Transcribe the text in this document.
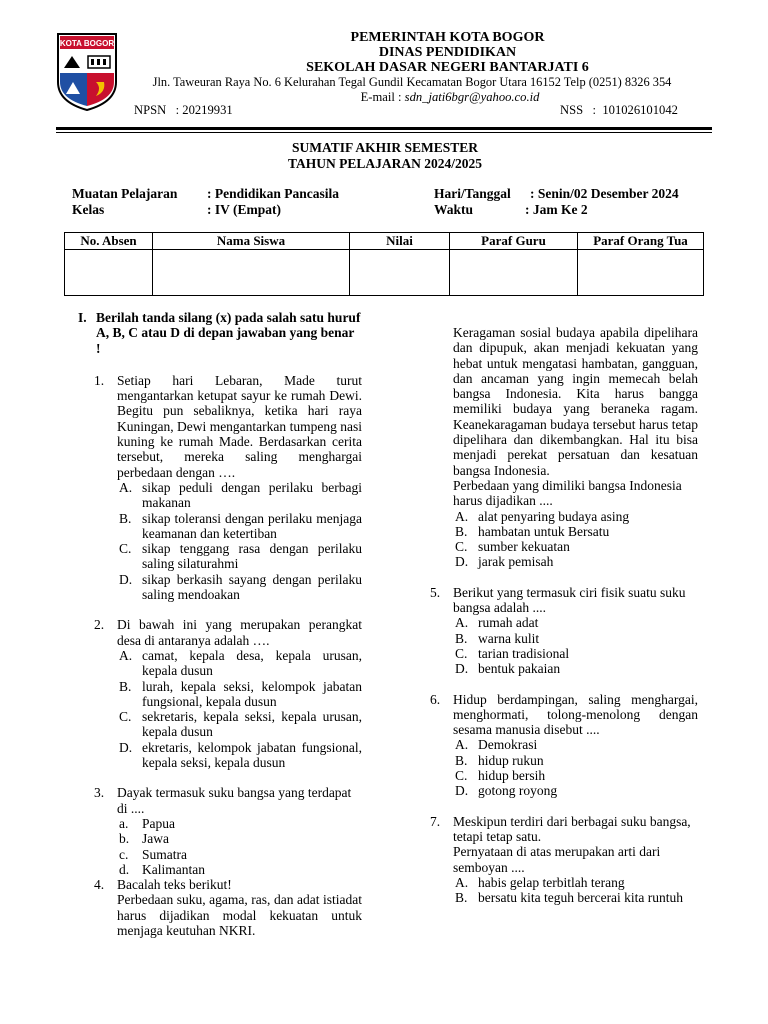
KOTA BOGOR	PEMERINTAH KOTA BOGOR
DINAS PENDIDIKAN
SEKOLAH DASAR NEGERI BANTARJATI 6
Jln. Taweuran Raya No. 6 Kelurahan Tegal Gundil Kecamatan Bogor Utara 16152 Telp (0251) 8326 354
E-mail : sdn_jati6bgr@yahoo.co.id
NPSN   : 20219931	NSS   :  101026101042
SUMATIF AKHIR SEMESTER
TAHUN PELAJARAN 2024/2025
Muatan Pelajaran : Pendidikan Pancasila
Kelas	: IV (Empat)
Hari/Tanggal : Senin/02 Desember 2024
Waktu	: Jam Ke 2
No. Absen	Nama Siswa	Nilai	Paraf Guru	Paraf Orang Tua

I. Berilah tanda silang (x) pada salah satu huruf A, B, C atau D di depan jawaban yang benar !
1. Setiap hari Lebaran, Made turut mengantarkan ketupat sayur ke rumah Dewi. Begitu pun sebaliknya, ketika hari raya Kuningan, Dewi mengantarkan tumpeng nasi kuning ke rumah Made. Berdasarkan cerita tersebut, mereka saling menghargai perbedaan dengan ….
A. sikap peduli dengan perilaku berbagi makanan
B. sikap toleransi dengan perilaku menjaga keamanan dan ketertiban
C. sikap tenggang rasa dengan perilaku saling silaturahmi
D. sikap berkasih sayang dengan perilaku saling mendoakan
2. Di bawah ini yang merupakan perangkat desa di antaranya adalah ….
A. camat, kepala desa, kepala urusan, kepala dusun
B. lurah, kepala seksi, kelompok jabatan fungsional, kepala dusun
C. sekretaris, kepala seksi, kepala urusan, kepala dusun
D. ekretaris, kelompok jabatan fungsional, kepala seksi, kepala dusun
3. Dayak termasuk suku bangsa yang terdapat di ....
a. Papua
b. Jawa
c. Sumatra
d. Kalimantan
4. Bacalah teks berikut!
Perbedaan suku, agama, ras, dan adat istiadat harus dijadikan modal kekuatan untuk menjaga keutuhan NKRI.
Keragaman sosial budaya apabila dipelihara dan dipupuk, akan menjadi kekuatan yang hebat untuk mengatasi hambatan, gangguan, dan ancaman yang ingin memecah belah bangsa Indonesia. Kita harus bangga memiliki budaya yang beraneka ragam. Keanekaragaman budaya tersebut harus tetap dipelihara dan dikembangkan. Hal itu bisa menjadi perekat persatuan dan kesatuan bangsa Indonesia.
Perbedaan yang dimiliki bangsa Indonesia harus dijadikan ....
A. alat penyaring budaya asing
B. hambatan untuk Bersatu
C. sumber kekuatan
D. jarak pemisah
5. Berikut yang termasuk ciri fisik suatu suku bangsa adalah ....
A. rumah adat
B. warna kulit
C. tarian tradisional
D. bentuk pakaian
6. Hidup berdampingan, saling menghargai, menghormati, tolong-menolong dengan sesama manusia disebut ....
A. Demokrasi
B. hidup rukun
C. hidup bersih
D. gotong royong
7. Meskipun terdiri dari berbagai suku bangsa, tetapi tetap satu.
Pernyataan di atas merupakan arti dari semboyan ....
A. habis gelap terbitlah terang
B. bersatu kita teguh bercerai kita runtuh
